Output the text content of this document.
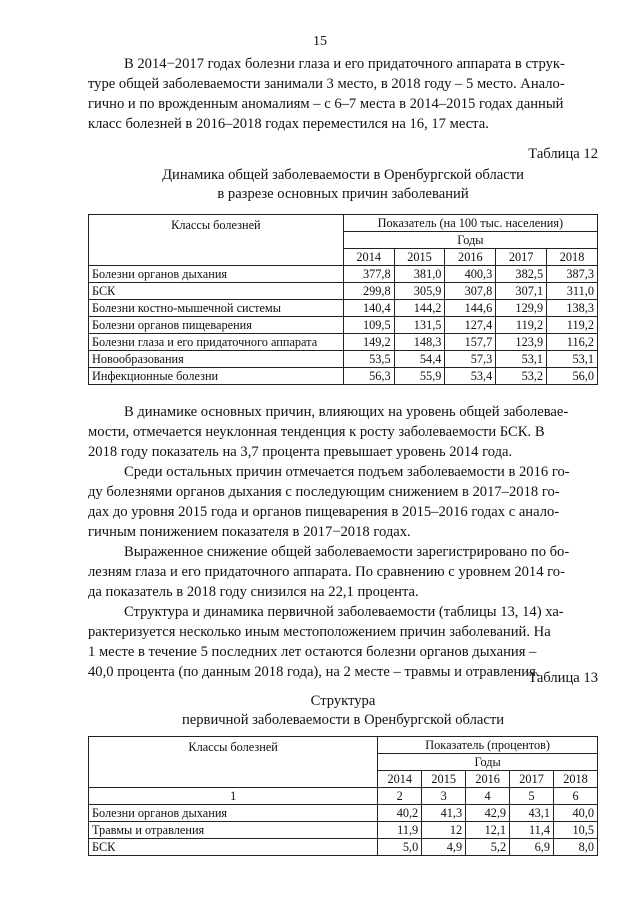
15
В 2014−2017 годах болезни глаза и его придаточного аппарата в струк-
туре общей заболеваемости занимали 3 место, в 2018 году – 5 место. Анало-
гично и по врожденным аномалиям – с 6–7 места в 2014–2015 годах данный
класс болезней в 2016–2018 годах переместился на 16, 17 места.
Таблица 12
Динамика общей заболеваемости в Оренбургской области
в разрезе основных причин заболеваний
Классы болезней	Показатель (на 100 тыс. населения)				
	Годы				
	2014	2015	2016	2017	2018
Болезни органов дыхания	377,8	381,0	400,3	382,5	387,3
БСК	299,8	305,9	307,8	307,1	311,0
Болезни костно-мышечной системы	140,4	144,2	144,6	129,9	138,3
Болезни органов пищеварения	109,5	131,5	127,4	119,2	119,2
Болезни глаза и его придаточного аппарата	149,2	148,3	157,7	123,9	116,2
Новообразования	53,5	54,4	57,3	53,1	53,1
Инфекционные болезни	56,3	55,9	53,4	53,2	56,0
В динамике основных причин, влияющих на уровень общей заболевае-
мости, отмечается неуклонная тенденция к росту заболеваемости БСК. В
2018 году показатель на 3,7 процента превышает уровень 2014 года.
Среди остальных причин отмечается подъем заболеваемости в 2016 го-
ду болезнями органов дыхания с последующим снижением в 2017–2018 го-
дах до уровня 2015 года и органов пищеварения в 2015–2016 годах с анало-
гичным понижением показателя в 2017−2018 годах.
Выраженное снижение общей заболеваемости зарегистрировано по бо-
лезням глаза и его придаточного аппарата. По сравнению с уровнем 2014 го-
да показатель в 2018 году снизился на 22,1 процента.
Структура и динамика первичной заболеваемости (таблицы 13, 14) ха-
рактеризуется несколько иным местоположением причин заболеваний. На
1 месте в течение 5 последних лет остаются болезни органов дыхания –
40,0 процента (по данным 2018 года), на 2 месте – травмы и отравления.
Таблица 13
Структура
первичной заболеваемости в Оренбургской области
Классы болезней	Показатель (процентов)				
	Годы				
	2014	2015	2016	2017	2018
1	2	3	4	5	6
Болезни органов дыхания	40,2	41,3	42,9	43,1	40,0
Травмы и отравления	11,9	12	12,1	11,4	10,5
БСК	5,0	4,9	5,2	6,9	8,0
